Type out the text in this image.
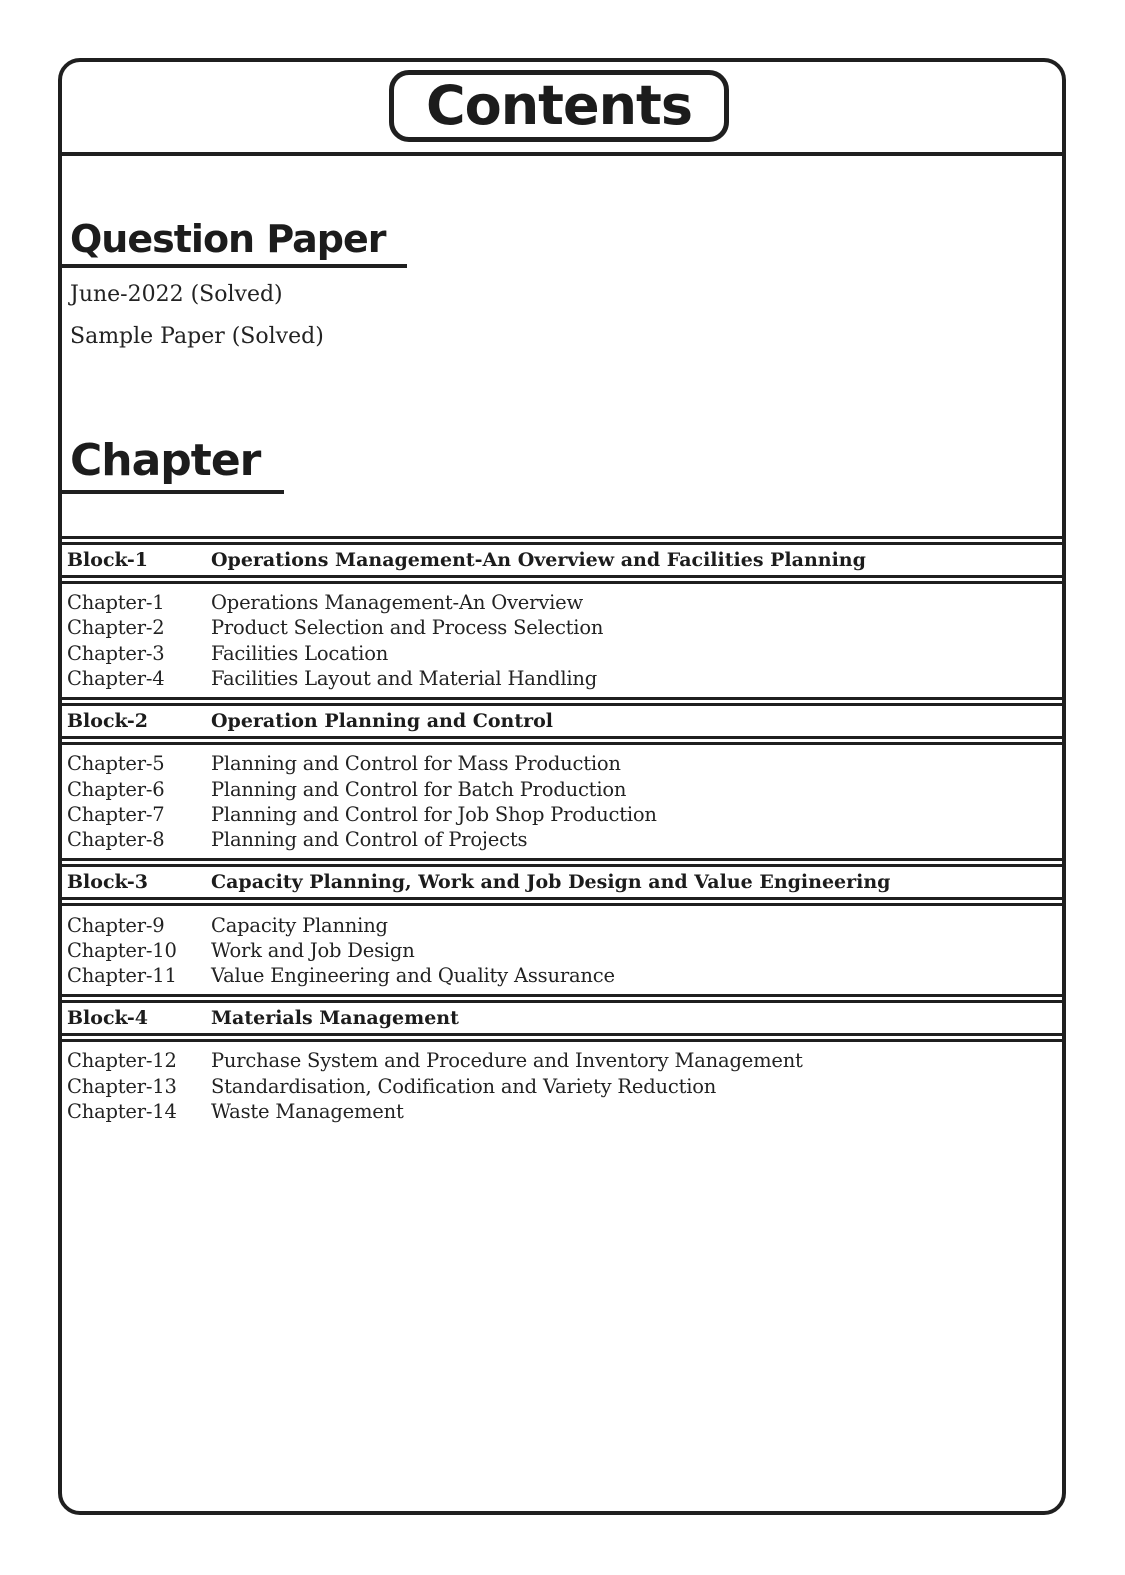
Contents
Question Paper
June-2022 (Solved)
Sample Paper (Solved)
Chapter
Block-1	Operations Management-An Overview and Facilities Planning
Chapter-1	Operations Management-An Overview
Chapter-2	Product Selection and Process Selection
Chapter-3	Facilities Location
Chapter-4	Facilities Layout and Material Handling
Block-2	Operation Planning and Control
Chapter-5	Planning and Control for Mass Production
Chapter-6	Planning and Control for Batch Production
Chapter-7	Planning and Control for Job Shop Production
Chapter-8	Planning and Control of Projects
Block-3	Capacity Planning, Work and Job Design and Value Engineering
Chapter-9	Capacity Planning
Chapter-10	Work and Job Design
Chapter-11	Value Engineering and Quality Assurance
Block-4	Materials Management
Chapter-12	Purchase System and Procedure and Inventory Management
Chapter-13	Standardisation, Codification and Variety Reduction
Chapter-14	Waste Management
